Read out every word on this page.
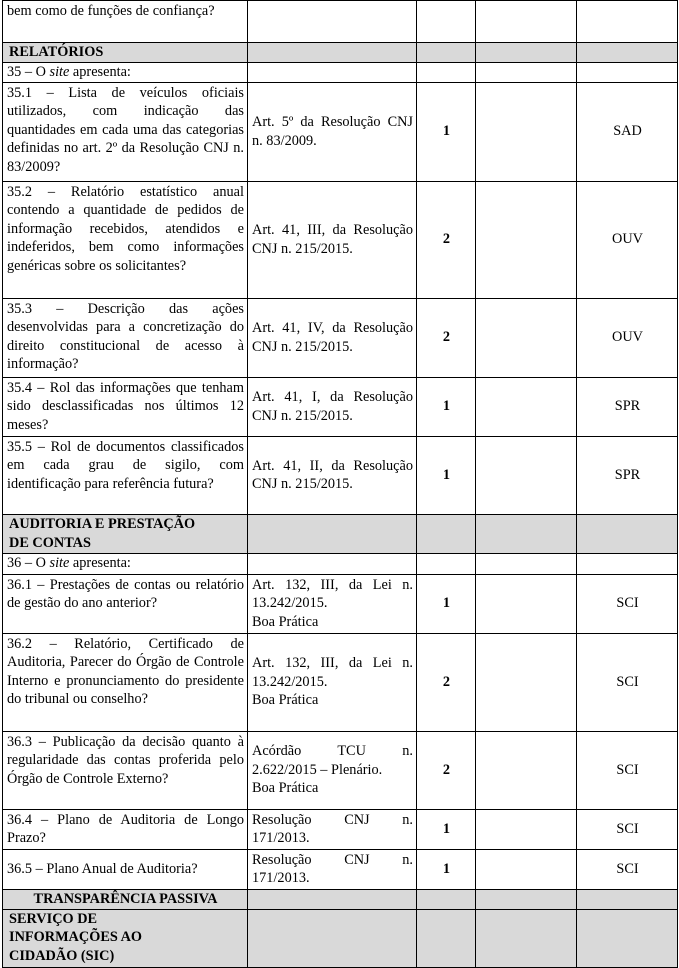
bem como de funções de confiança?				
RELATÓRIOS				
35 – O site apresenta:				
35.1 – Lista de veículos oficiais utilizados, com indicação das quantidades em cada uma das categorias definidas no art. 2º da Resolução CNJ n. 83/2009?	Art. 5º da Resolução CNJ n. 83/2009.	1		SAD
35.2 – Relatório estatístico anual contendo a quantidade de pedidos de informação recebidos, atendidos e indeferidos, bem como informações genéricas sobre os solicitantes?	Art. 41, III, da Resolução CNJ n. 215/2015.	2		OUV
35.3 – Descrição das ações desenvolvidas para a concretização do direito constitucional de acesso à informação?	Art. 41, IV, da Resolução CNJ n. 215/2015.	2		OUV
35.4 – Rol das informações que tenham sido desclassificadas nos últimos 12 meses?	Art. 41, I, da Resolução CNJ n. 215/2015.	1		SPR
35.5 – Rol de documentos classificados em cada grau de sigilo, com identificação para referência futura?	Art. 41, II, da Resolução CNJ n. 215/2015.	1		SPR
AUDITORIA E PRESTAÇÃO
DE CONTAS				
36 – O site apresenta:				
36.1 – Prestações de contas ou relatório de gestão do ano anterior?	Art. 132, III, da Lei n. 13.242/2015.
Boa Prática	1		SCI
36.2 – Relatório, Certificado de Auditoria, Parecer do Órgão de Controle Interno e pronunciamento do presidente do tribunal ou conselho?	Art. 132, III, da Lei n. 13.242/2015.
Boa Prática	2		SCI
36.3 – Publicação da decisão quanto à regularidade das contas proferida pelo Órgão de Controle Externo?	Acórdão TCU n. 2.622/2015 – Plenário.
Boa Prática	2		SCI
36.4 – Plano de Auditoria de Longo Prazo?	Resolução CNJ n. 171/2013.	1		SCI
36.5 – Plano Anual de Auditoria?	Resolução CNJ n. 171/2013.	1		SCI
TRANSPARÊNCIA PASSIVA				
SERVIÇO DE
INFORMAÇÕES AO
CIDADÃO (SIC)				
